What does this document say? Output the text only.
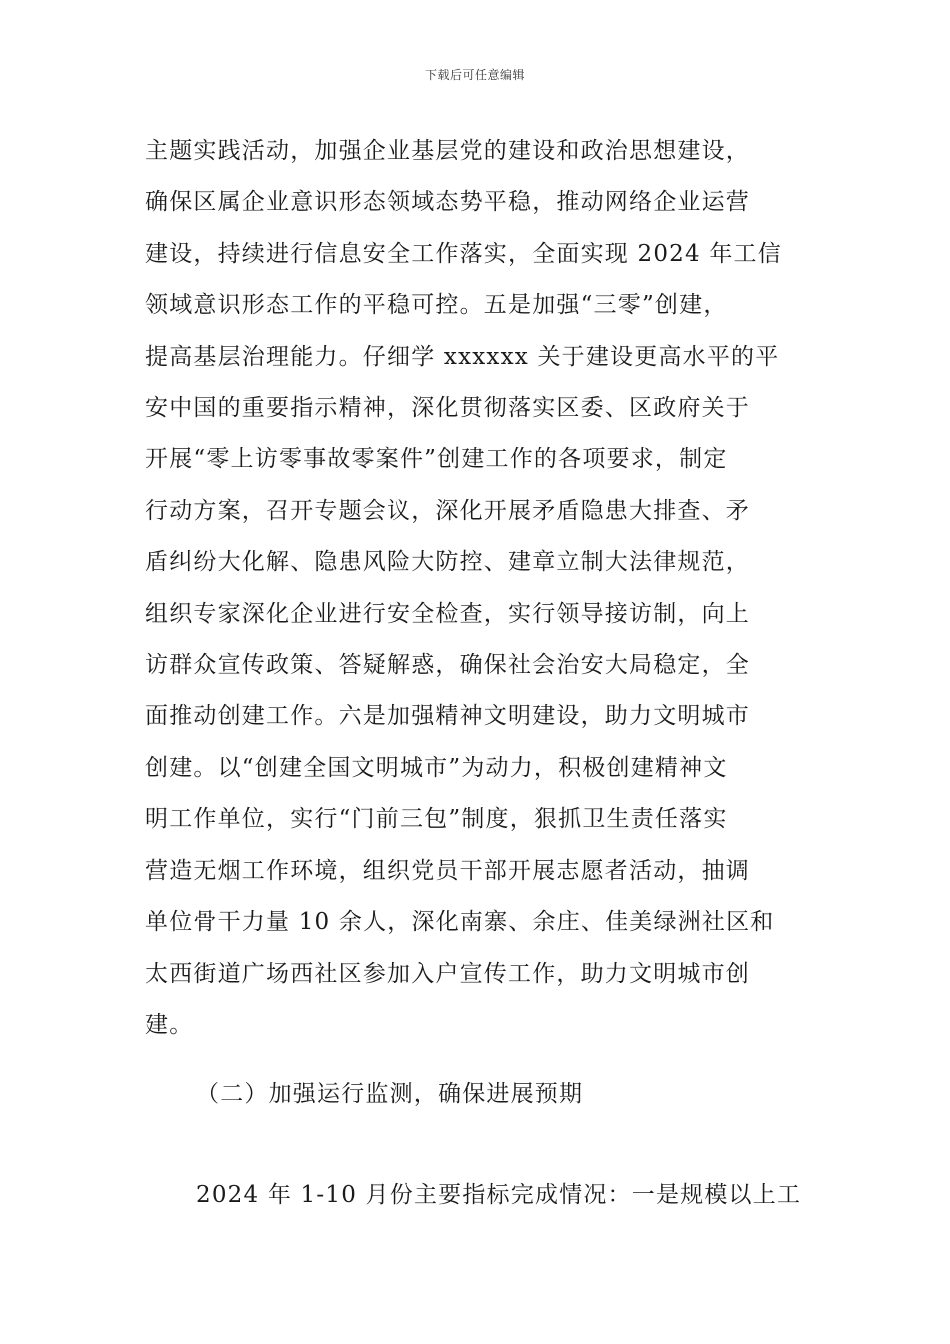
下载后可任意编辑
主题实践活动，加强企业基层党的建设和政治思想建设，
确保区属企业意识形态领域态势平稳，推动网络企业运营
建设，持续进行信息安全工作落实，全面实现 2024 年工信
领域意识形态工作的平稳可控。五是加强“三零”创建，
提高基层治理能力。仔细学 xxxxxx 关于建设更高水平的平
安中国的重要指示精神，深化贯彻落实区委、区政府关于
开展“零上访零事故零案件”创建工作的各项要求，制定
行动方案，召开专题会议，深化开展矛盾隐患大排查、矛
盾纠纷大化解、隐患风险大防控、建章立制大法律规范，
组织专家深化企业进行安全检查，实行领导接访制，向上
访群众宣传政策、答疑解惑，确保社会治安大局稳定，全
面推动创建工作。六是加强精神文明建设，助力文明城市
创建。以“创建全国文明城市”为动力，积极创建精神文
明工作单位，实行“门前三包”制度，狠抓卫生责任落实
营造无烟工作环境，组织党员干部开展志愿者活动，抽调
单位骨干力量 10 余人，深化南寨、余庄、佳美绿洲社区和
太西街道广场西社区参加入户宣传工作，助力文明城市创
建。
（二）加强运行监测，确保进展预期
2024 年 1-10 月份主要指标完成情况：一是规模以上工
